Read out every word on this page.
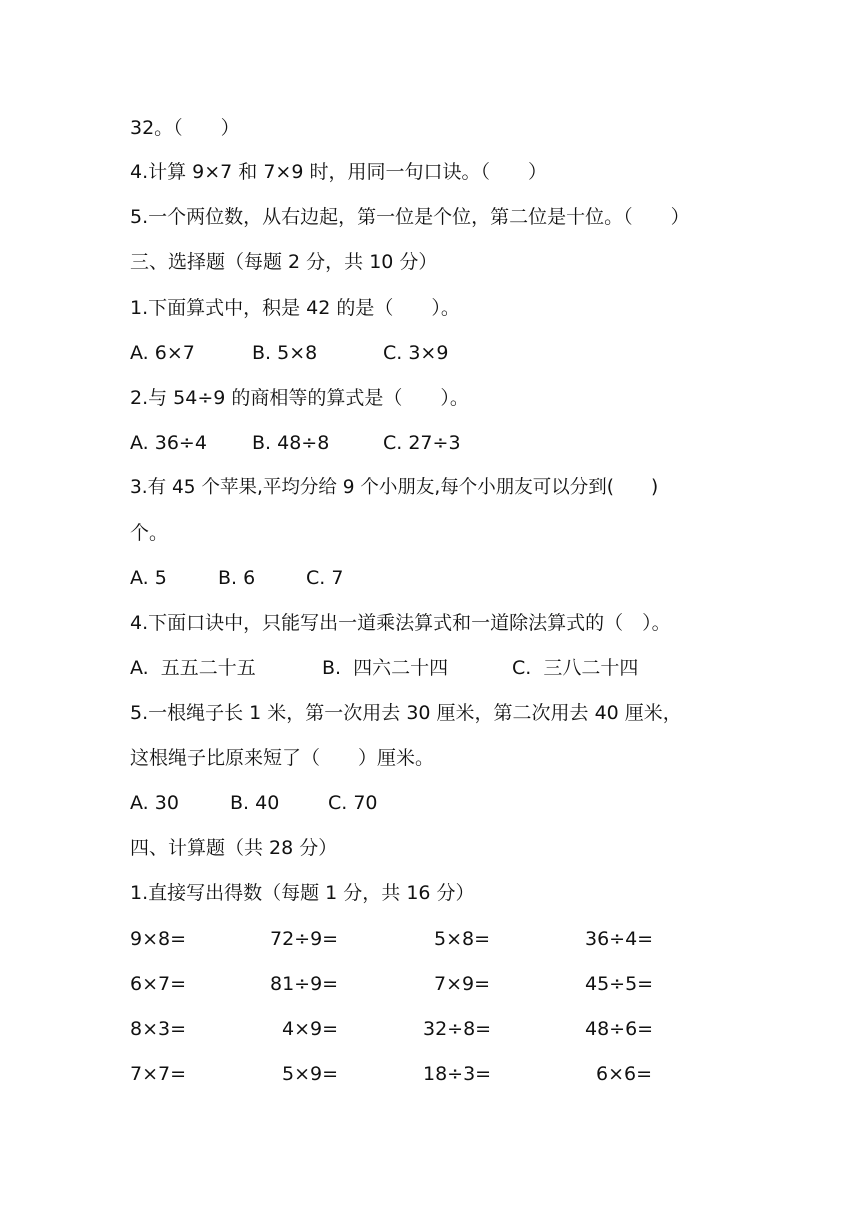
32。（　　）
4.计算 9×7 和 7×9 时，用同一句口诀。（　　）
5.一个两位数，从右边起，第一位是个位，第二位是十位。（　　）
三、选择题（每题 2 分，共 10 分）
1.下面算式中，积是 42 的是（　　）。
A. 6×7	B. 5×8	C. 3×9
2.与 54÷9 的商相等的算式是（　　）。
A. 36÷4 B. 48÷8	C. 27÷3
3.有 45 个苹果,平均分给 9 个小朋友,每个小朋友可以分到(　　)
个。
A. 5	B. 6	C. 7
4.下面口诀中，只能写出一道乘法算式和一道除法算式的（　）。
A.  五五二十五	B.  四六二十四	C.  三八二十四
5.一根绳子长 1 米，第一次用去 30 厘米，第二次用去 40 厘米，
这根绳子比原来短了（　　）厘米。
A. 30	B. 40	C. 70
四、计算题（共 28 分）
1.直接写出得数（每题 1 分，共 16 分）
9×8=	72÷9=	5×8=	36÷4=
6×7=	81÷9=	7×9=	45÷5=
8×3=	4×9=	32÷8=	48÷6=
7×7=	5×9=	18÷3=	6×6=
